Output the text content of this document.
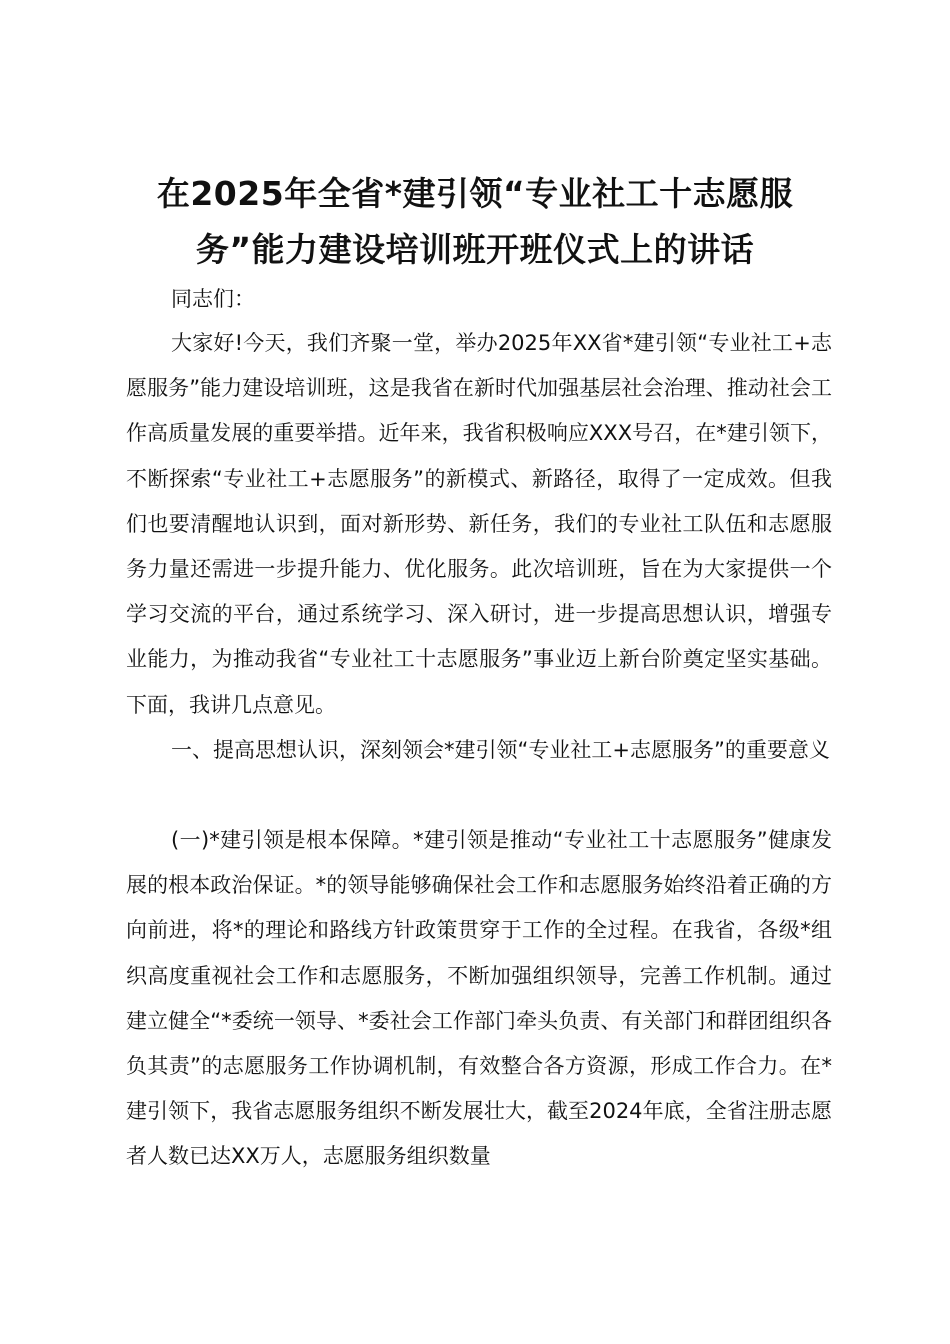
在2025年全省*建引领“专业社工十志愿服务”能力建设培训班开班仪式上的讲话
同志们：

大家好!今天，我们齐聚一堂，举办2025年XX省*建引领“专业社工+志愿服务”能力建设培训班，这是我省在新时代加强基层社会治理、推动社会工作高质量发展的重要举措。近年来，我省积极响应XXX号召，在*建引领下，不断探索“专业社工+志愿服务”的新模式、新路径，取得了一定成效。但我们也要清醒地认识到，面对新形势、新任务，我们的专业社工队伍和志愿服务力量还需进一步提升能力、优化服务。此次培训班，旨在为大家提供一个学习交流的平台，通过系统学习、深入研讨，进一步提高思想认识，增强专业能力，为推动我省“专业社工十志愿服务”事业迈上新台阶奠定坚实基础。下面，我讲几点意见。

一、提高思想认识，深刻领会*建引领“专业社工+志愿服务”的重要意义

(一)*建引领是根本保障。*建引领是推动“专业社工十志愿服务”健康发展的根本政治保证。*的领导能够确保社会工作和志愿服务始终沿着正确的方向前进，将*的理论和路线方针政策贯穿于工作的全过程。在我省，各级*组织高度重视社会工作和志愿服务，不断加强组织领导，完善工作机制。通过建立健全“*委统一领导、*委社会工作部门牵头负责、有关部门和群团组织各负其责”的志愿服务工作协调机制，有效整合各方资源，形成工作合力。在*建引领下，我省志愿服务组织不断发展壮大，截至2024年底，全省注册志愿者人数已达XX万人，志愿服务组织数量
